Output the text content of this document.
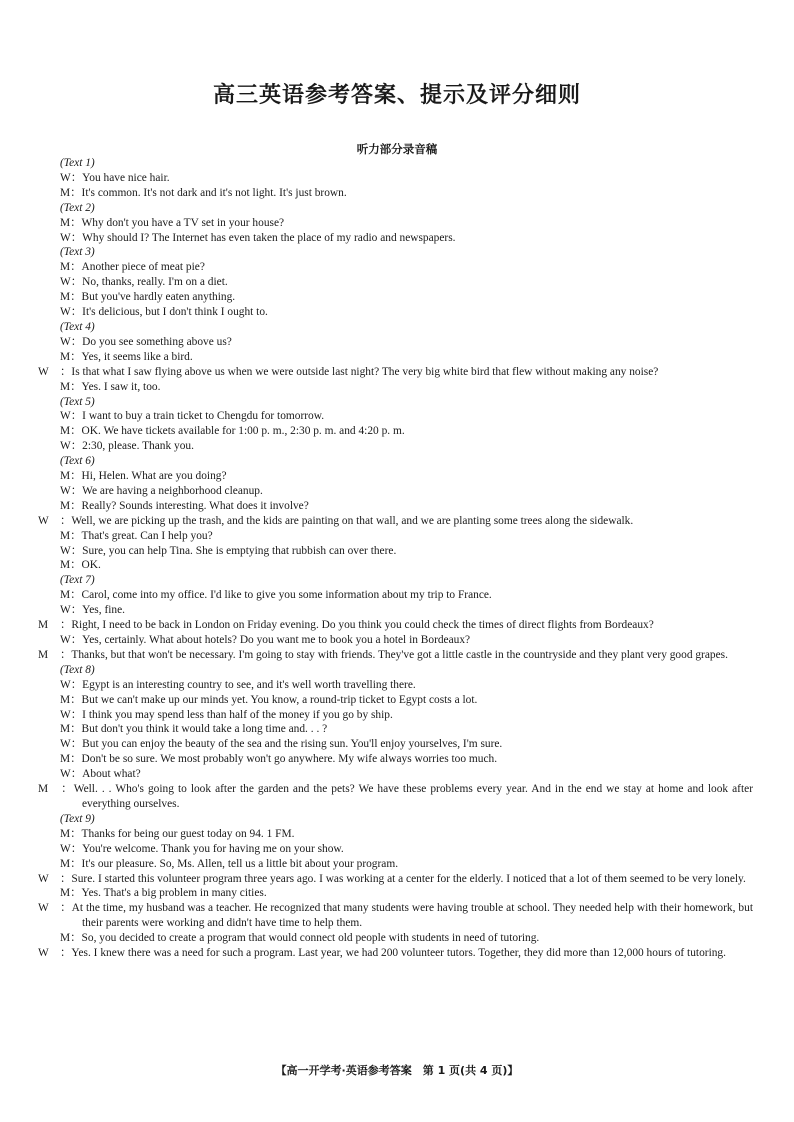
高三英语参考答案、提示及评分细则
听力部分录音稿
(Text 1)
W：You have nice hair.
M：It's common. It's not dark and it's not light. It's just brown.
(Text 2)
M：Why don't you have a TV set in your house?
W：Why should I? The Internet has even taken the place of my radio and newspapers.
(Text 3)
M：Another piece of meat pie?
W：No, thanks, really. I'm on a diet.
M：But you've hardly eaten anything.
W：It's delicious, but I don't think I ought to.
(Text 4)
W：Do you see something above us?
M：Yes, it seems like a bird.
W ：Is that what I saw flying above us when we were outside last night? The very big white bird that flew without making any noise?
M：Yes. I saw it, too.
(Text 5)
W：I want to buy a train ticket to Chengdu for tomorrow.
M：OK. We have tickets available for 1:00 p. m., 2:30 p. m. and 4:20 p. m.
W：2:30, please. Thank you.
(Text 6)
M：Hi, Helen. What are you doing?
W：We are having a neighborhood cleanup.
M：Really? Sounds interesting. What does it involve?
W ：Well, we are picking up the trash, and the kids are painting on that wall, and we are planting some trees along the sidewalk.
M：That's great. Can I help you?
W：Sure, you can help Tina. She is emptying that rubbish can over there.
M：OK.
(Text 7)
M：Carol, come into my office. I'd like to give you some information about my trip to France.
W：Yes, fine.
M ：Right, I need to be back in London on Friday evening. Do you think you could check the times of direct flights from Bordeaux?
W：Yes, certainly. What about hotels? Do you want me to book you a hotel in Bordeaux?
M ：Thanks, but that won't be necessary. I'm going to stay with friends. They've got a little castle in the countryside and they plant very good grapes.
(Text 8)
W：Egypt is an interesting country to see, and it's well worth travelling there.
M：But we can't make up our minds yet. You know, a round-trip ticket to Egypt costs a lot.
W：I think you may spend less than half of the money if you go by ship.
M：But don't you think it would take a long time and. . . ?
W：But you can enjoy the beauty of the sea and the rising sun. You'll enjoy yourselves, I'm sure.
M：Don't be so sure. We most probably won't go anywhere. My wife always worries too much.
W：About what?
M ：Well. . . Who's going to look after the garden and the pets? We have these problems every year. And in the end we stay at home and look after everything ourselves.
(Text 9)
M：Thanks for being our guest today on 94. 1 FM.
W：You're welcome. Thank you for having me on your show.
M：It's our pleasure. So, Ms. Allen, tell us a little bit about your program.
W ：Sure. I started this volunteer program three years ago. I was working at a center for the elderly. I noticed that a lot of them seemed to be very lonely.
M：Yes. That's a big problem in many cities.
W ：At the time, my husband was a teacher. He recognized that many students were having trouble at school. They needed help with their homework, but their parents were working and didn't have time to help them.
M：So, you decided to create a program that would connect old people with students in need of tutoring.
W ：Yes. I knew there was a need for such a program. Last year, we had 200 volunteer tutors. Together, they did more than 12,000 hours of tutoring.
【高一开学考·英语参考答案　第 1 页(共 4 页)】
